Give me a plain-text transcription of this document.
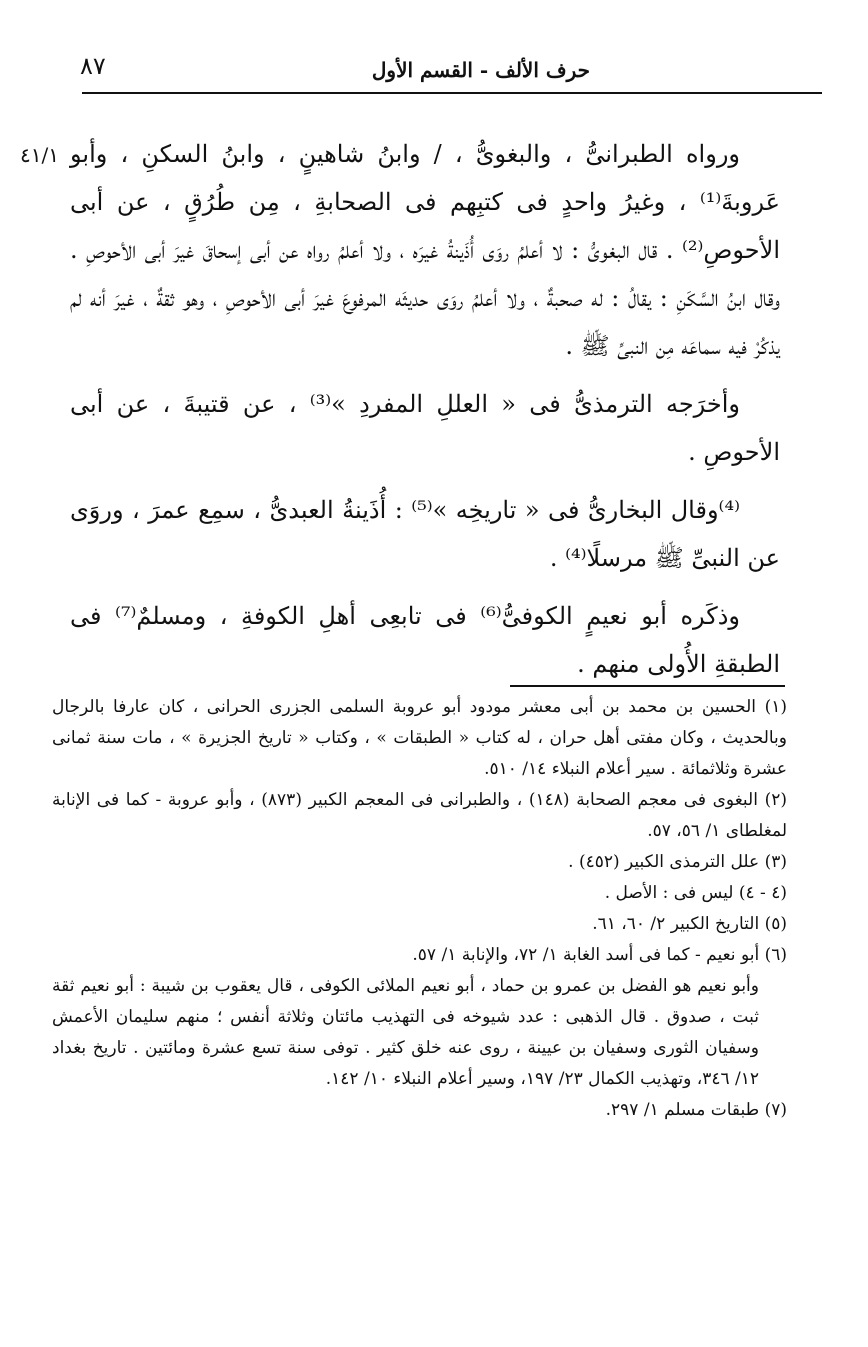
٨٧	حرف الألف - القسم الأول
٤١/١ ورواه الطبرانىُّ ، والبغوىُّ ، / وابنُ شاهينٍ ، وابنُ السكنِ ، وأبو عَروبةَ⁽¹⁾ ، وغيرُ واحدٍ فى كتبِهم فى الصحابةِ ، مِن طُرُقٍ ، عن أبى الأحوصِ⁽²⁾ . قال البغوىُّ : لا أعلمُ روَى أُذَينةُ غيرَه ، ولا أعلمُ رواه عن أبى إسحاقَ غيرَ أبى الأحوصِ . وقال ابنُ السَّكَنِ : يقالُ : له صحبةٌ ، ولا أعلمُ روَى حديثَه المرفوعَ غيرَ أبى الأحوصِ ، وهو ثقةٌ ، غيرَ أنه لم يذكُرْ فيه سماعَه مِن النبىِّ ﷺ .

وأخرَجه الترمذىُّ فى « العللِ المفردِ »⁽³⁾ ، عن قتيبةَ ، عن أبى الأحوصِ .

⁽⁴⁾وقال البخارىُّ فى « تاريخِه »⁽⁵⁾ : أُذَينةُ العبدىُّ ، سمِع عمرَ ، وروَى عن النبىِّ ﷺ مرسلًا⁽⁴⁾ .

وذكَره أبو نعيمٍ الكوفىُّ⁽⁶⁾ فى تابعِى أهلِ الكوفةِ ، ومسلمٌ⁽⁷⁾ فى الطبقةِ الأُولى منهم .

(١) الحسين بن محمد بن أبى معشر مودود أبو عروبة السلمى الجزرى الحرانى ، كان عارفا بالرجال وبالحديث ، وكان مفتى أهل حران ، له كتاب « الطبقات » ، وكتاب « تاريخ الجزيرة » ، مات سنة ثمانى عشرة وثلاثمائة . سير أعلام النبلاء ١٤/ ٥١٠.

(٢) البغوى فى معجم الصحابة (١٤٨) ، والطبرانى فى المعجم الكبير (٨٧٣) ، وأبو عروبة - كما فى الإنابة لمغلطاى ١/ ٥٦، ٥٧.

(٣) علل الترمذى الكبير (٤٥٢) .

(٤ - ٤) ليس فى : الأصل .

(٥) التاريخ الكبير ٢/ ٦٠، ٦١.

(٦) أبو نعيم - كما فى أسد الغابة ١/ ٧٢، والإنابة ١/ ٥٧.

وأبو نعيم هو الفضل بن عمرو بن حماد ، أبو نعيم الملائى الكوفى ، قال يعقوب بن شيبة : أبو نعيم ثقة ثبت ، صدوق . قال الذهبى : عدد شيوخه فى التهذيب مائتان وثلاثة أنفس ؛ منهم سليمان الأعمش وسفيان الثورى وسفيان بن عيينة ، روى عنه خلق كثير . توفى سنة تسع عشرة ومائتين . تاريخ بغداد ١٢/ ٣٤٦، وتهذيب الكمال ٢٣/ ١٩٧، وسير أعلام النبلاء ١٠/ ١٤٢.

(٧) طبقات مسلم ١/ ٢٩٧.
